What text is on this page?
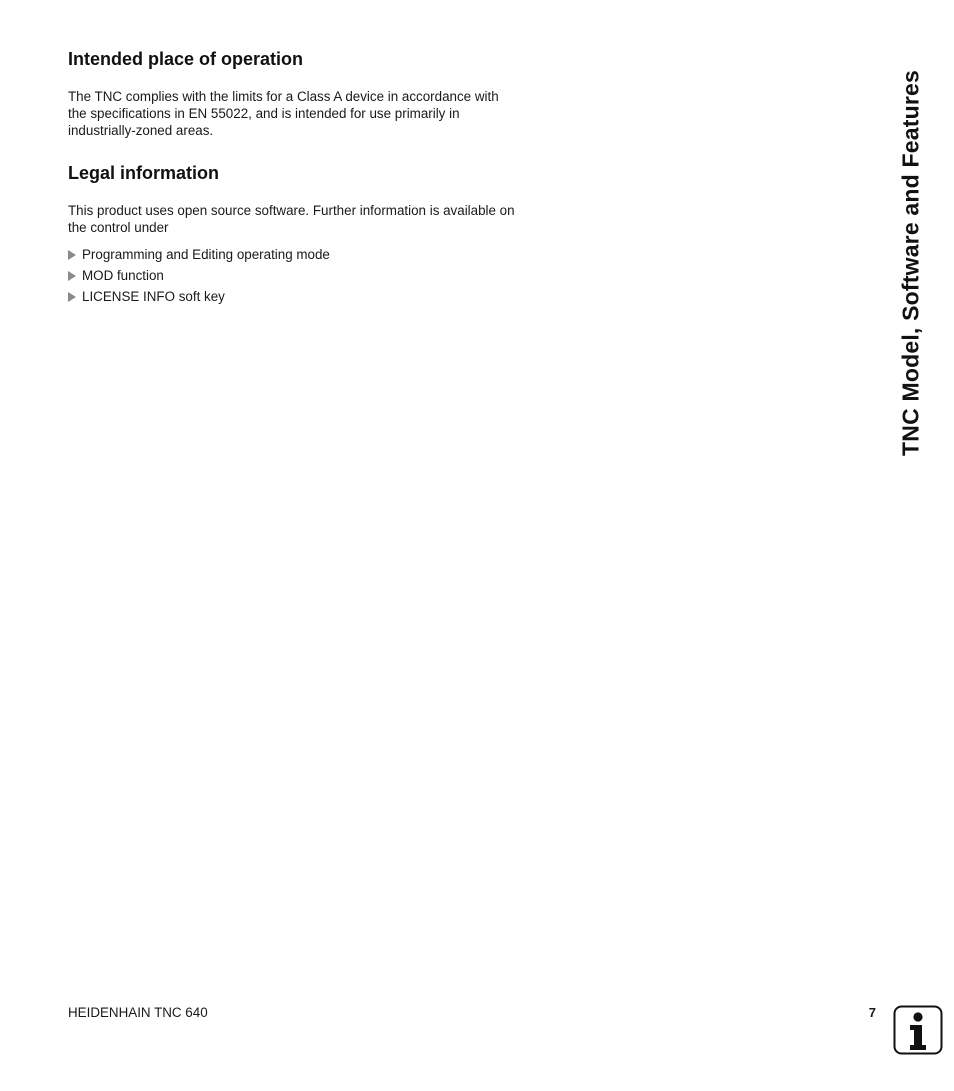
Intended place of operation

The TNC complies with the limits for a Class A device in accordance with the specifications in EN 55022, and is intended for use primarily in industrially-zoned areas.

Legal information

This product uses open source software. Further information is available on the control under

Programming and Editing operating mode
MOD function
LICENSE INFO soft key	TNC Model, Software and Features
HEIDENHAIN TNC 640	7
